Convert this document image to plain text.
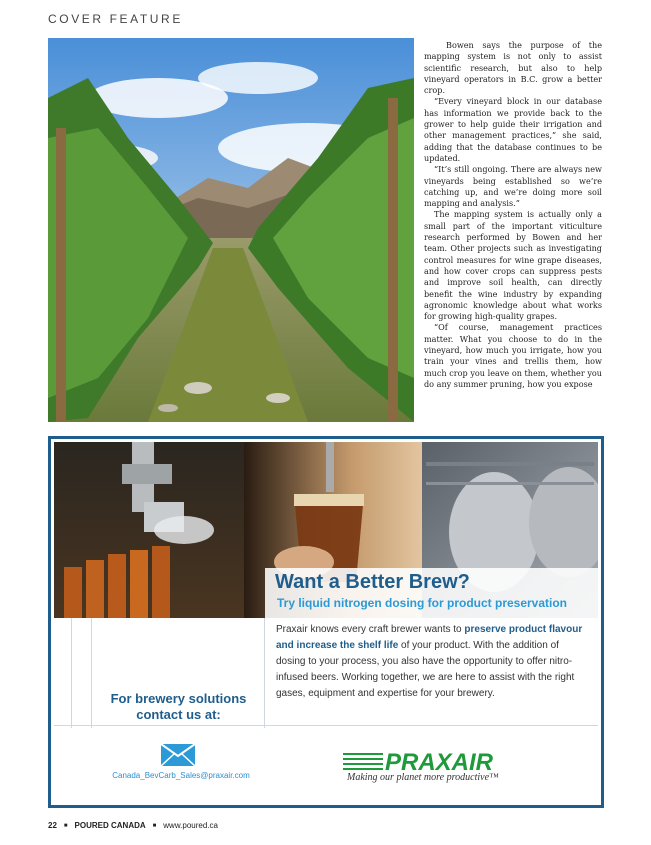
COVER FEATURE

Bowen says the purpose of the mapping system is not only to assist scientific research, but also to help vineyard operators in B.C. grow a better crop.

“Every vineyard block in our database has information we provide back to the grower to help guide their irrigation and other management practices,” she said, adding that the database continues to be updated.

“It’s still ongoing. There are always new vineyards being established so we’re catching up, and we’re doing more soil mapping and analysis.”

The mapping system is actually only a small part of the important viticulture research performed by Bowen and her team. Other projects such as investigating control measures for wine grape diseases, and how cover crops can suppress pests and improve soil health, can directly benefit the wine industry by expanding agronomic knowledge about what works for growing high-quality grapes.

“Of course, management practices matter. What you choose to do in the vineyard, how much you irrigate, how you train your vines and trellis them, how much crop you leave on them, whether you do any summer pruning, how you expose

Want a Better Brew?
Try liquid nitrogen dosing for product preservation
Praxair knows every craft brewer wants to preserve product flavour and increase the shelf life of your product. With the addition of dosing to your process, you also have the opportunity to offer nitro-infused beers. Working together, we are here to assist with the right gases, equipment and expertise for your brewery.
For brewery solutions
contact us at:
Canada_BevCarb_Sales@praxair.com	PRAXAIR
Making our planet more productive™
22 ■ POURED CANADA ■ www.poured.ca
